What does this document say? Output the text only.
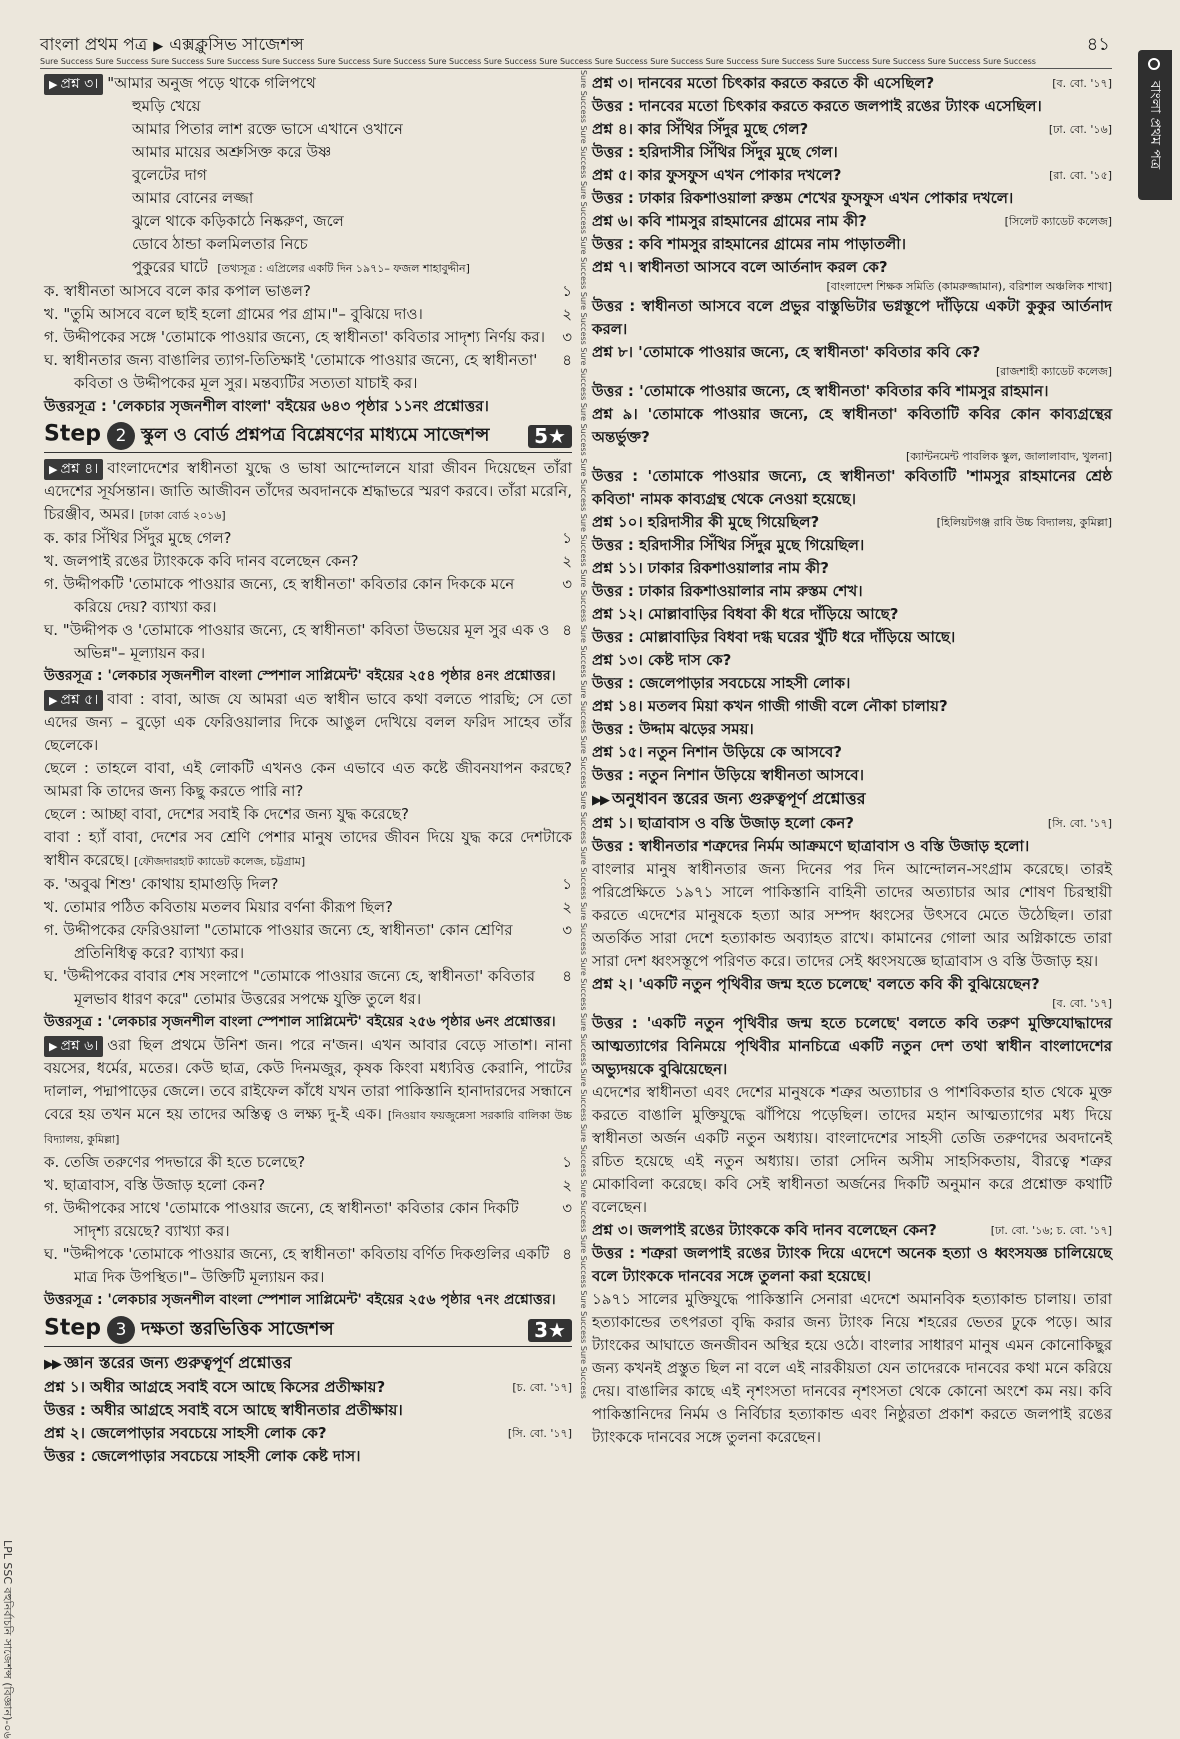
বাংলা প্রথম পত্র ▶ এক্সক্লুসিভ সাজেশন্স	৪১
Sure Success Sure Success Sure Success Sure Success Sure Success Sure Success Sure Success Sure Success Sure Success Sure Success Sure Success Sure Success Sure Success Sure Success Sure Success Sure Success Sure Success Sure Success
বাংলা প্রথম পত্র
Sure Success Sure Success Sure Success Sure Success Sure Success Sure Success Sure Success Sure Success Sure Success Sure Success Sure Success Sure Success Sure Success Sure Success Sure Success Sure Success Sure Success Sure Success Sure Success Sure Success Sure Success Sure Success Sure Success Sure Success
LPL SSC বহুনির্বাচনি সাজেশন্স (বিজ্ঞান)-০৬
▶ প্রশ্ন ৩। "আমার অনুজ পড়ে থাকে গলিপথে
হুমড়ি খেয়ে
আমার পিতার লাশ রক্তে ভাসে এখানে ওখানে
আমার মায়ের অশ্রুসিক্ত করে উষ্ণ
বুলেটের দাগ
আমার বোনের লজ্জা
ঝুলে থাকে কড়িকাঠে নিষ্করুণ, জলে
ডোবে ঠান্ডা কলমিলতার নিচে
পুকুরের ঘাটে [তথ্যসূত্র : এপ্রিলের একটি দিন ১৯৭১– ফজল শাহাবুদ্দীন]
ক. স্বাধীনতা আসবে বলে কার কপাল ভাঙল?	১
খ. "তুমি আসবে বলে ছাই হলো গ্রামের পর গ্রাম।"– বুঝিয়ে দাও।	২
গ. উদ্দীপকের সঙ্গে 'তোমাকে পাওয়ার জন্যে, হে স্বাধীনতা' কবিতার সাদৃশ্য নির্ণয় কর।	৩
ঘ. স্বাধীনতার জন্য বাঙালির ত্যাগ-তিতিক্ষাই 'তোমাকে পাওয়ার জন্যে, হে স্বাধীনতা' কবিতা ও উদ্দীপকের মূল সুর। মন্তব্যটির সত্যতা যাচাই কর।
৪
উত্তরসূত্র : 'লেকচার সৃজনশীল বাংলা' বইয়ের ৬৪৩ পৃষ্ঠার ১১নং প্রশ্নোত্তর।
Step 2 স্কুল ও বোর্ড প্রশ্নপত্র বিশ্লেষণের মাধ্যমে সাজেশন্স	5★

▶ প্রশ্ন ৪। বাংলাদেশের স্বাধীনতা যুদ্ধে ও ভাষা আন্দোলনে যারা জীবন দিয়েছেন তাঁরা এদেশের সূর্যসন্তান। জাতি আজীবন তাঁদের অবদানকে শ্রদ্ধাভরে স্মরণ করবে। তাঁরা মরেনি, চিরঞ্জীব, অমর। [ঢাকা বোর্ড ২০১৬]

ক. কার সিঁথির সিঁদুর মুছে গেল?	১
খ. জলপাই রঙের ট্যাংককে কবি দানব বলেছেন কেন?	২
গ. উদ্দীপকটি 'তোমাকে পাওয়ার জন্যে, হে স্বাধীনতা' কবিতার কোন দিককে মনে করিয়ে দেয়? ব্যাখ্যা কর।
৩
ঘ. "উদ্দীপক ও 'তোমাকে পাওয়ার জন্যে, হে স্বাধীনতা' কবিতা উভয়ের মূল সুর এক ও অভিন্ন"– মূল্যায়ন কর।
৪
উত্তরসূত্র : 'লেকচার সৃজনশীল বাংলা স্পেশাল সাপ্লিমেন্ট' বইয়ের ২৫৪ পৃষ্ঠার ৪নং প্রশ্নোত্তর।

▶ প্রশ্ন ৫। বাবা : বাবা, আজ যে আমরা এত স্বাধীন ভাবে কথা বলতে পারছি; সে তো এদের জন্য – বুড়ো এক ফেরিওয়ালার দিকে আঙুল দেখিয়ে বলল ফরিদ সাহেব তাঁর ছেলেকে।

ছেলে : তাহলে বাবা, এই লোকটি এখনও কেন এভাবে এত কষ্টে জীবনযাপন করছে? আমরা কি তাদের জন্য কিছু করতে পারি না?

ছেলে : আচ্ছা বাবা, দেশের সবাই কি দেশের জন্য যুদ্ধ করেছে?

বাবা : হ্যাঁ বাবা, দেশের সব শ্রেণি পেশার মানুষ তাদের জীবন দিয়ে যুদ্ধ করে দেশটাকে স্বাধীন করেছে। [ফৌজদারহাট ক্যাডেট কলেজ, চট্টগ্রাম]

ক. 'অবুঝ শিশু' কোথায় হামাগুড়ি দিল?	১
খ. তোমার পঠিত কবিতায় মতলব মিয়ার বর্ণনা কীরূপ ছিল?	২
গ. উদ্দীপকের ফেরিওয়ালা "তোমাকে পাওয়ার জন্যে হে, স্বাধীনতা' কোন শ্রেণির প্রতিনিধিত্ব করে? ব্যাখ্যা কর।
৩
ঘ. 'উদ্দীপকের বাবার শেষ সংলাপে "তোমাকে পাওয়ার জন্যে হে, স্বাধীনতা' কবিতার মূলভাব ধারণ করে" তোমার উত্তরের সপক্ষে যুক্তি তুলে ধর।
৪
উত্তরসূত্র : 'লেকচার সৃজনশীল বাংলা স্পেশাল সাপ্লিমেন্ট' বইয়ের ২৫৬ পৃষ্ঠার ৬নং প্রশ্নোত্তর।

▶ প্রশ্ন ৬। ওরা ছিল প্রথমে উনিশ জন। পরে ন'জন। এখন আবার বেড়ে সাতাশ। নানা বয়সের, ধর্মের, মতের। কেউ ছাত্র, কেউ দিনমজুর, কৃষক কিংবা মধ্যবিত্ত কেরানি, পাটের দালাল, পদ্মাপাড়ের জেলে। তবে রাইফেল কাঁধে যখন তারা পাকিস্তানি হানাদারদের সন্ধানে বেরে হয় তখন মনে হয় তাদের অস্তিত্ব ও লক্ষ্য দু-ই এক। [নিওয়াব ফয়জুন্নেসা সরকারি বালিকা উচ্চ বিদ্যালয়, কুমিল্লা]

ক. তেজি তরুণের পদভারে কী হতে চলেছে?	১
খ. ছাত্রাবাস, বস্তি উজাড় হলো কেন?	২
গ. উদ্দীপকের সাথে 'তোমাকে পাওয়ার জন্যে, হে স্বাধীনতা' কবিতার কোন দিকটি সাদৃশ্য রয়েছে? ব্যাখ্যা কর।
৩
ঘ. "উদ্দীপকে 'তোমাকে পাওয়ার জন্যে, হে স্বাধীনতা' কবিতায় বর্ণিত দিকগুলির একটি মাত্র দিক উপস্থিত।"– উক্তিটি মূল্যায়ন কর।
৪
উত্তরসূত্র : 'লেকচার সৃজনশীল বাংলা স্পেশাল সাপ্লিমেন্ট' বইয়ের ২৫৬ পৃষ্ঠার ৭নং প্রশ্নোত্তর।
Step 3 দক্ষতা স্তরভিত্তিক সাজেশন্স	3★
▶▶ জ্ঞান স্তরের জন্য গুরুত্বপূর্ণ প্রশ্নোত্তর
প্রশ্ন ১। অধীর আগ্রহে সবাই বসে আছে কিসের প্রতীক্ষায়?	[চ. বো. '১৭]
উত্তর : অধীর আগ্রহে সবাই বসে আছে স্বাধীনতার প্রতীক্ষায়।
প্রশ্ন ২। জেলেপাড়ার সবচেয়ে সাহসী লোক কে?	[সি. বো. '১৭]
উত্তর : জেলেপাড়ার সবচেয়ে সাহসী লোক কেষ্ট দাস।
প্রশ্ন ৩। দানবের মতো চিৎকার করতে করতে কী এসেছিল?	[ব. বো. '১৭]
উত্তর : দানবের মতো চিৎকার করতে করতে জলপাই রঙের ট্যাংক এসেছিল।
প্রশ্ন ৪। কার সিঁথির সিঁদুর মুছে গেল?	[ঢা. বো. '১৬]
উত্তর : হরিদাসীর সিঁথির সিঁদুর মুছে গেল।
প্রশ্ন ৫। কার ফুসফুস এখন পোকার দখলে?	[রা. বো. '১৫]
উত্তর : ঢাকার রিকশাওয়ালা রুস্তম শেখের ফুসফুস এখন পোকার দখলে।
প্রশ্ন ৬। কবি শামসুর রাহমানের গ্রামের নাম কী?	[সিলেট ক্যাডেট কলেজ]
উত্তর : কবি শামসুর রাহমানের গ্রামের নাম পাড়াতলী।
প্রশ্ন ৭। স্বাধীনতা আসবে বলে আর্তনাদ করল কে?
[বাংলাদেশ শিক্ষক সমিতি (কামরুজ্জামান), বরিশাল অঞ্চলিক শাখা]
উত্তর : স্বাধীনতা আসবে বলে প্রভুর বাস্তুভিটার ভগ্নস্তূপে দাঁড়িয়ে একটা কুকুর আর্তনাদ করল।
প্রশ্ন ৮। 'তোমাকে পাওয়ার জন্যে, হে স্বাধীনতা' কবিতার কবি কে?
[রাজশাহী ক্যাডেট কলেজ]
উত্তর : 'তোমাকে পাওয়ার জন্যে, হে স্বাধীনতা' কবিতার কবি শামসুর রাহমান।
প্রশ্ন ৯। 'তোমাকে পাওয়ার জন্যে, হে স্বাধীনতা' কবিতাটি কবির কোন কাব্যগ্রন্থের অন্তর্ভুক্ত?
[ক্যান্টনমেন্ট পাবলিক স্কুল, জালালাবাদ, খুলনা]
উত্তর : 'তোমাকে পাওয়ার জন্যে, হে স্বাধীনতা' কবিতাটি 'শামসুর রাহমানের শ্রেষ্ঠ কবিতা' নামক কাব্যগ্রন্থ থেকে নেওয়া হয়েছে।
প্রশ্ন ১০। হরিদাসীর কী মুছে গিয়েছিল?	[হিলিয়টগঞ্জ রাবি উচ্চ বিদ্যালয়, কুমিল্লা]
উত্তর : হরিদাসীর সিঁথির সিঁদুর মুছে গিয়েছিল।
প্রশ্ন ১১। ঢাকার রিকশাওয়ালার নাম কী?
উত্তর : ঢাকার রিকশাওয়ালার নাম রুস্তম শেখ।
প্রশ্ন ১২। মোল্লাবাড়ির বিধবা কী ধরে দাঁড়িয়ে আছে?
উত্তর : মোল্লাবাড়ির বিধবা দগ্ধ ঘরের খুঁটি ধরে দাঁড়িয়ে আছে।
প্রশ্ন ১৩। কেষ্ট দাস কে?
উত্তর : জেলেপাড়ার সবচেয়ে সাহসী লোক।
প্রশ্ন ১৪। মতলব মিয়া কখন গাজী গাজী বলে নৌকা চালায়?
উত্তর : উদ্দাম ঝড়ের সময়।
প্রশ্ন ১৫। নতুন নিশান উড়িয়ে কে আসবে?
উত্তর : নতুন নিশান উড়িয়ে স্বাধীনতা আসবে।
▶▶ অনুধাবন স্তরের জন্য গুরুত্বপূর্ণ প্রশ্নোত্তর
প্রশ্ন ১। ছাত্রাবাস ও বস্তি উজাড় হলো কেন?	[সি. বো. '১৭]
উত্তর : স্বাধীনতার শত্রুদের নির্মম আক্রমণে ছাত্রাবাস ও বস্তি উজাড় হলো।

বাংলার মানুষ স্বাধীনতার জন্য দিনের পর দিন আন্দোলন-সংগ্রাম করেছে। তারই পরিপ্রেক্ষিতে ১৯৭১ সালে পাকিস্তানি বাহিনী তাদের অত্যাচার আর শোষণ চিরস্থায়ী করতে এদেশের মানুষকে হত্যা আর সম্পদ ধ্বংসের উৎসবে মেতে উঠেছিল। তারা অতর্কিত সারা দেশে হত্যাকান্ড অব্যাহত রাখে। কামানের গোলা আর অগ্নিকান্ডে তারা সারা দেশ ধ্বংসস্তূপে পরিণত করে। তাদের সেই ধ্বংসযজ্ঞে ছাত্রাবাস ও বস্তি উজাড় হয়।

প্রশ্ন ২। 'একটি নতুন পৃথিবীর জন্ম হতে চলেছে' বলতে কবি কী বুঝিয়েছেন?
[ব. বো. '১৭]
উত্তর : 'একটি নতুন পৃথিবীর জন্ম হতে চলেছে' বলতে কবি তরুণ মুক্তিযোদ্ধাদের আত্মত্যাগের বিনিময়ে পৃথিবীর মানচিত্রে একটি নতুন দেশ তথা স্বাধীন বাংলাদেশের অভ্যুদয়কে বুঝিয়েছেন।

এদেশের স্বাধীনতা এবং দেশের মানুষকে শত্রুর অত্যাচার ও পাশবিকতার হাত থেকে মুক্ত করতে বাঙালি মুক্তিযুদ্ধে ঝাঁপিয়ে পড়েছিল। তাদের মহান আত্মত্যাগের মধ্য দিয়ে স্বাধীনতা অর্জন একটি নতুন অধ্যায়। বাংলাদেশের সাহসী তেজি তরুণদের অবদানেই রচিত হয়েছে এই নতুন অধ্যায়। তারা সেদিন অসীম সাহসিকতায়, বীরত্বে শত্রুর মোকাবিলা করেছে। কবি সেই স্বাধীনতা অর্জনের দিকটি অনুমান করে প্রশ্নোক্ত কথাটি বলেছেন।

প্রশ্ন ৩। জলপাই রঙের ট্যাংককে কবি দানব বলেছেন কেন?	[ঢা. বো. '১৬; চ. বো. '১৭]
উত্তর : শত্রুরা জলপাই রঙের ট্যাংক দিয়ে এদেশে অনেক হত্যা ও ধ্বংসযজ্ঞ চালিয়েছে বলে ট্যাংককে দানবের সঙ্গে তুলনা করা হয়েছে।

১৯৭১ সালের মুক্তিযুদ্ধে পাকিস্তানি সেনারা এদেশে অমানবিক হত্যাকান্ড চালায়। তারা হত্যাকান্ডের তৎপরতা বৃদ্ধি করার জন্য ট্যাংক নিয়ে শহরের ভেতর ঢুকে পড়ে। আর ট্যাংকের আঘাতে জনজীবন অস্থির হয়ে ওঠে। বাংলার সাধারণ মানুষ এমন কোনোকিছুর জন্য কখনই প্রস্তুত ছিল না বলে এই নারকীয়তা যেন তাদেরকে দানবের কথা মনে করিয়ে দেয়। বাঙালির কাছে এই নৃশংসতা দানবের নৃশংসতা থেকে কোনো অংশে কম নয়। কবি পাকিস্তানিদের নির্মম ও নির্বিচার হত্যাকান্ড এবং নিষ্ঠুরতা প্রকাশ করতে জলপাই রঙের ট্যাংককে দানবের সঙ্গে তুলনা করেছেন।
